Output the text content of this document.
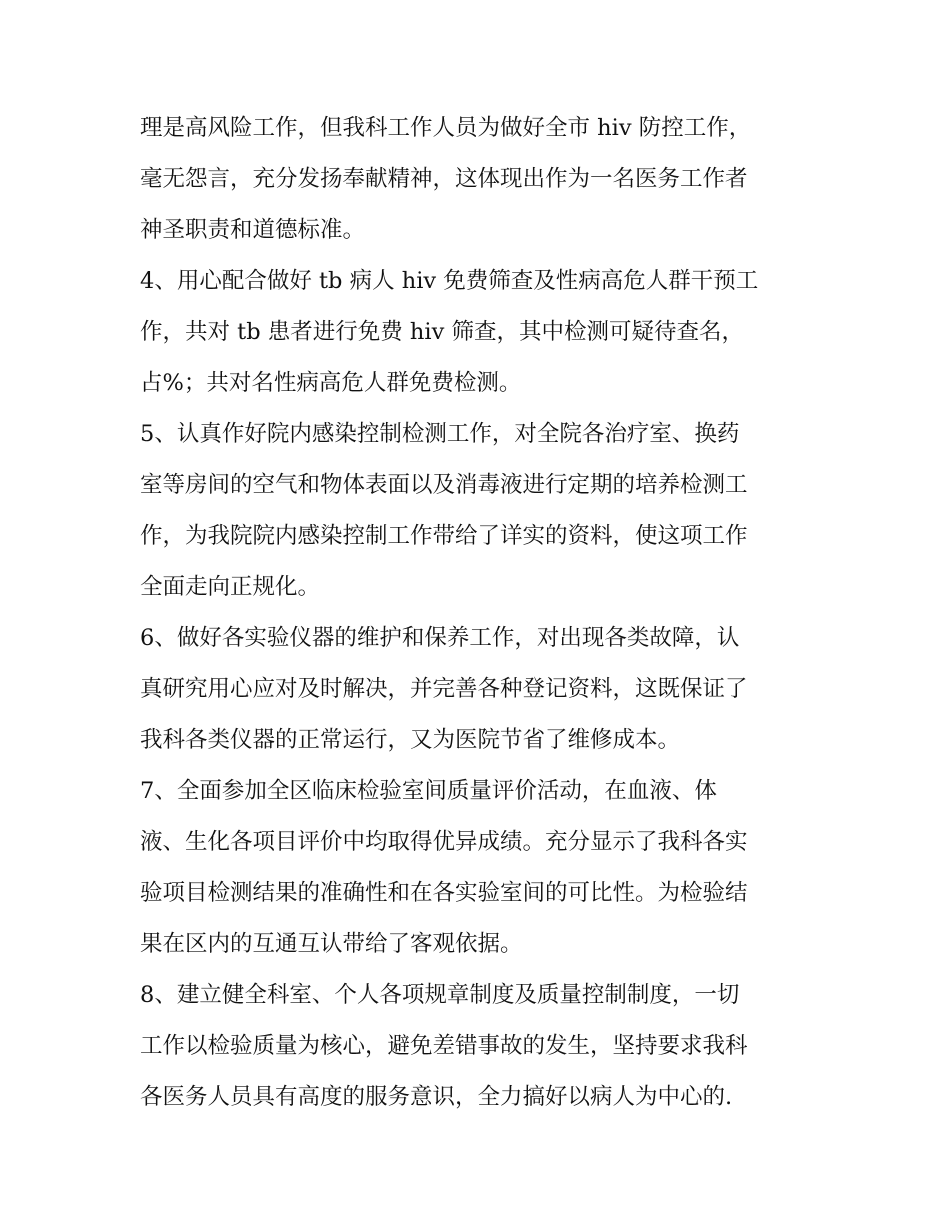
理是高风险工作，但我科工作人员为做好全市 hiv 防控工作，
毫无怨言，充分发扬奉献精神，这体现出作为一名医务工作者
神圣职责和道德标准。
4、用心配合做好 tb 病人 hiv 免费筛查及性病高危人群干预工
作，共对 tb 患者进行免费 hiv 筛查，其中检测可疑待查名，
占%；共对名性病高危人群免费检测。
5、认真作好院内感染控制检测工作，对全院各治疗室、换药
室等房间的空气和物体表面以及消毒液进行定期的培养检测工
作，为我院院内感染控制工作带给了详实的资料，使这项工作
全面走向正规化。
6、做好各实验仪器的维护和保养工作，对出现各类故障，认
真研究用心应对及时解决，并完善各种登记资料，这既保证了
我科各类仪器的正常运行，又为医院节省了维修成本。
7、全面参加全区临床检验室间质量评价活动，在血液、体
液、生化各项目评价中均取得优异成绩。充分显示了我科各实
验项目检测结果的准确性和在各实验室间的可比性。为检验结
果在区内的互通互认带给了客观依据。
8、建立健全科室、个人各项规章制度及质量控制制度，一切
工作以检验质量为核心，避免差错事故的发生，坚持要求我科
各医务人员具有高度的服务意识，全力搞好以病人为中心的.
